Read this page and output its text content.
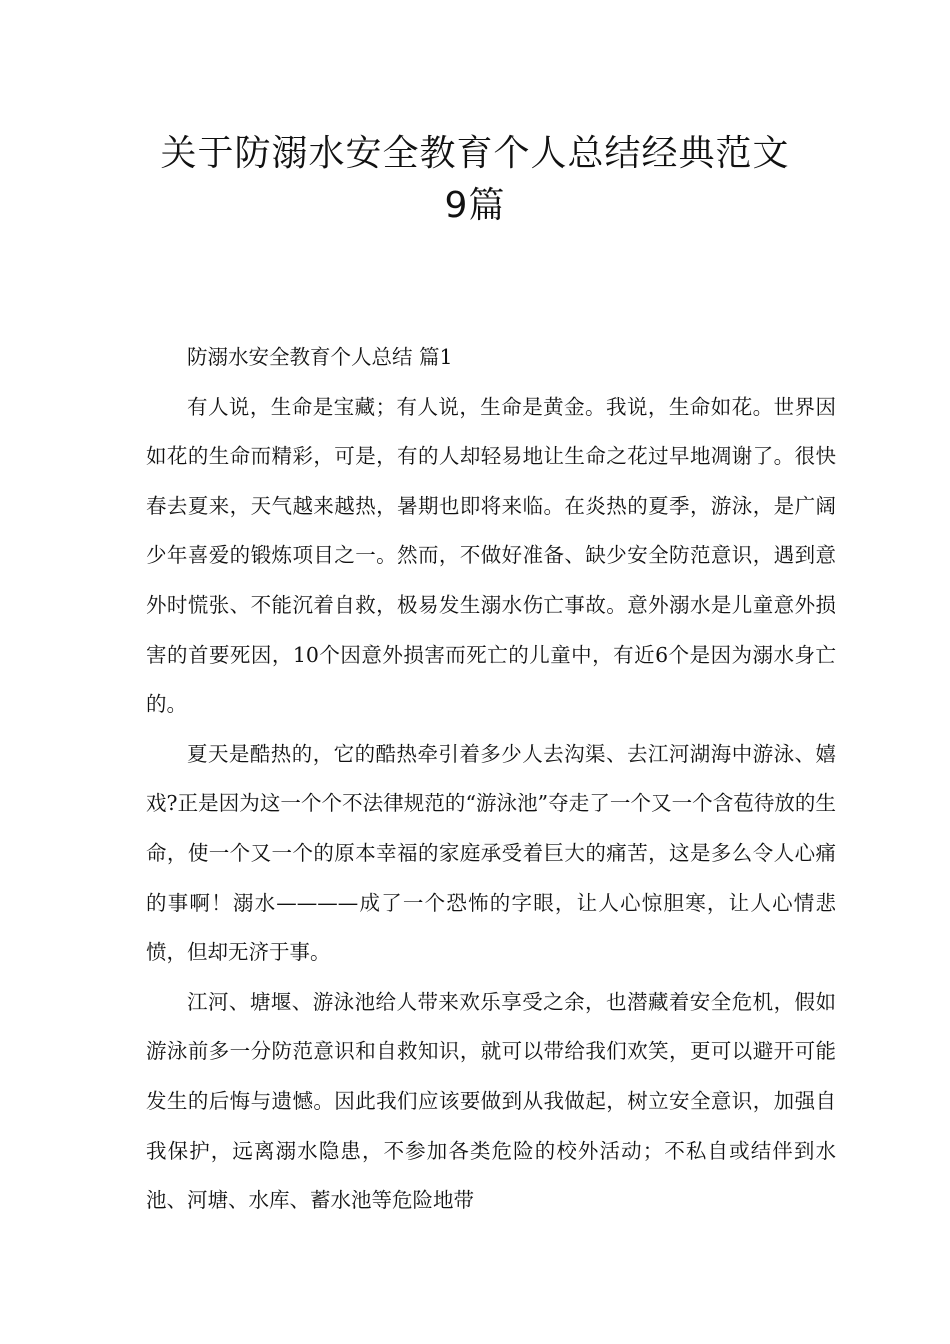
关于防溺水安全教育个人总结经典范文
9篇

防溺水安全教育个人总结 篇1

有人说，生命是宝藏；有人说，生命是黄金。我说，生命如花。世界因如花的生命而精彩，可是，有的人却轻易地让生命之花过早地凋谢了。很快春去夏来，天气越来越热，暑期也即将来临。在炎热的夏季，游泳，是广阔少年喜爱的锻炼项目之一。然而，不做好准备、缺少安全防范意识，遇到意外时慌张、不能沉着自救，极易发生溺水伤亡事故。意外溺水是儿童意外损害的首要死因，10个因意外损害而死亡的儿童中，有近6个是因为溺水身亡的。

夏天是酷热的，它的酷热牵引着多少人去沟渠、去江河湖海中游泳、嬉戏?正是因为这一个个不法律规范的“游泳池”夺走了一个又一个含苞待放的生命，使一个又一个的原本幸福的家庭承受着巨大的痛苦，这是多么令人心痛的事啊！溺水————成了一个恐怖的字眼，让人心惊胆寒，让人心情悲愤，但却无济于事。

江河、塘堰、游泳池给人带来欢乐享受之余，也潜藏着安全危机，假如游泳前多一分防范意识和自救知识，就可以带给我们欢笑，更可以避开可能发生的后悔与遗憾。因此我们应该要做到从我做起，树立安全意识，加强自我保护，远离溺水隐患，不参加各类危险的校外活动；不私自或结伴到水池、河塘、水库、蓄水池等危险地带
